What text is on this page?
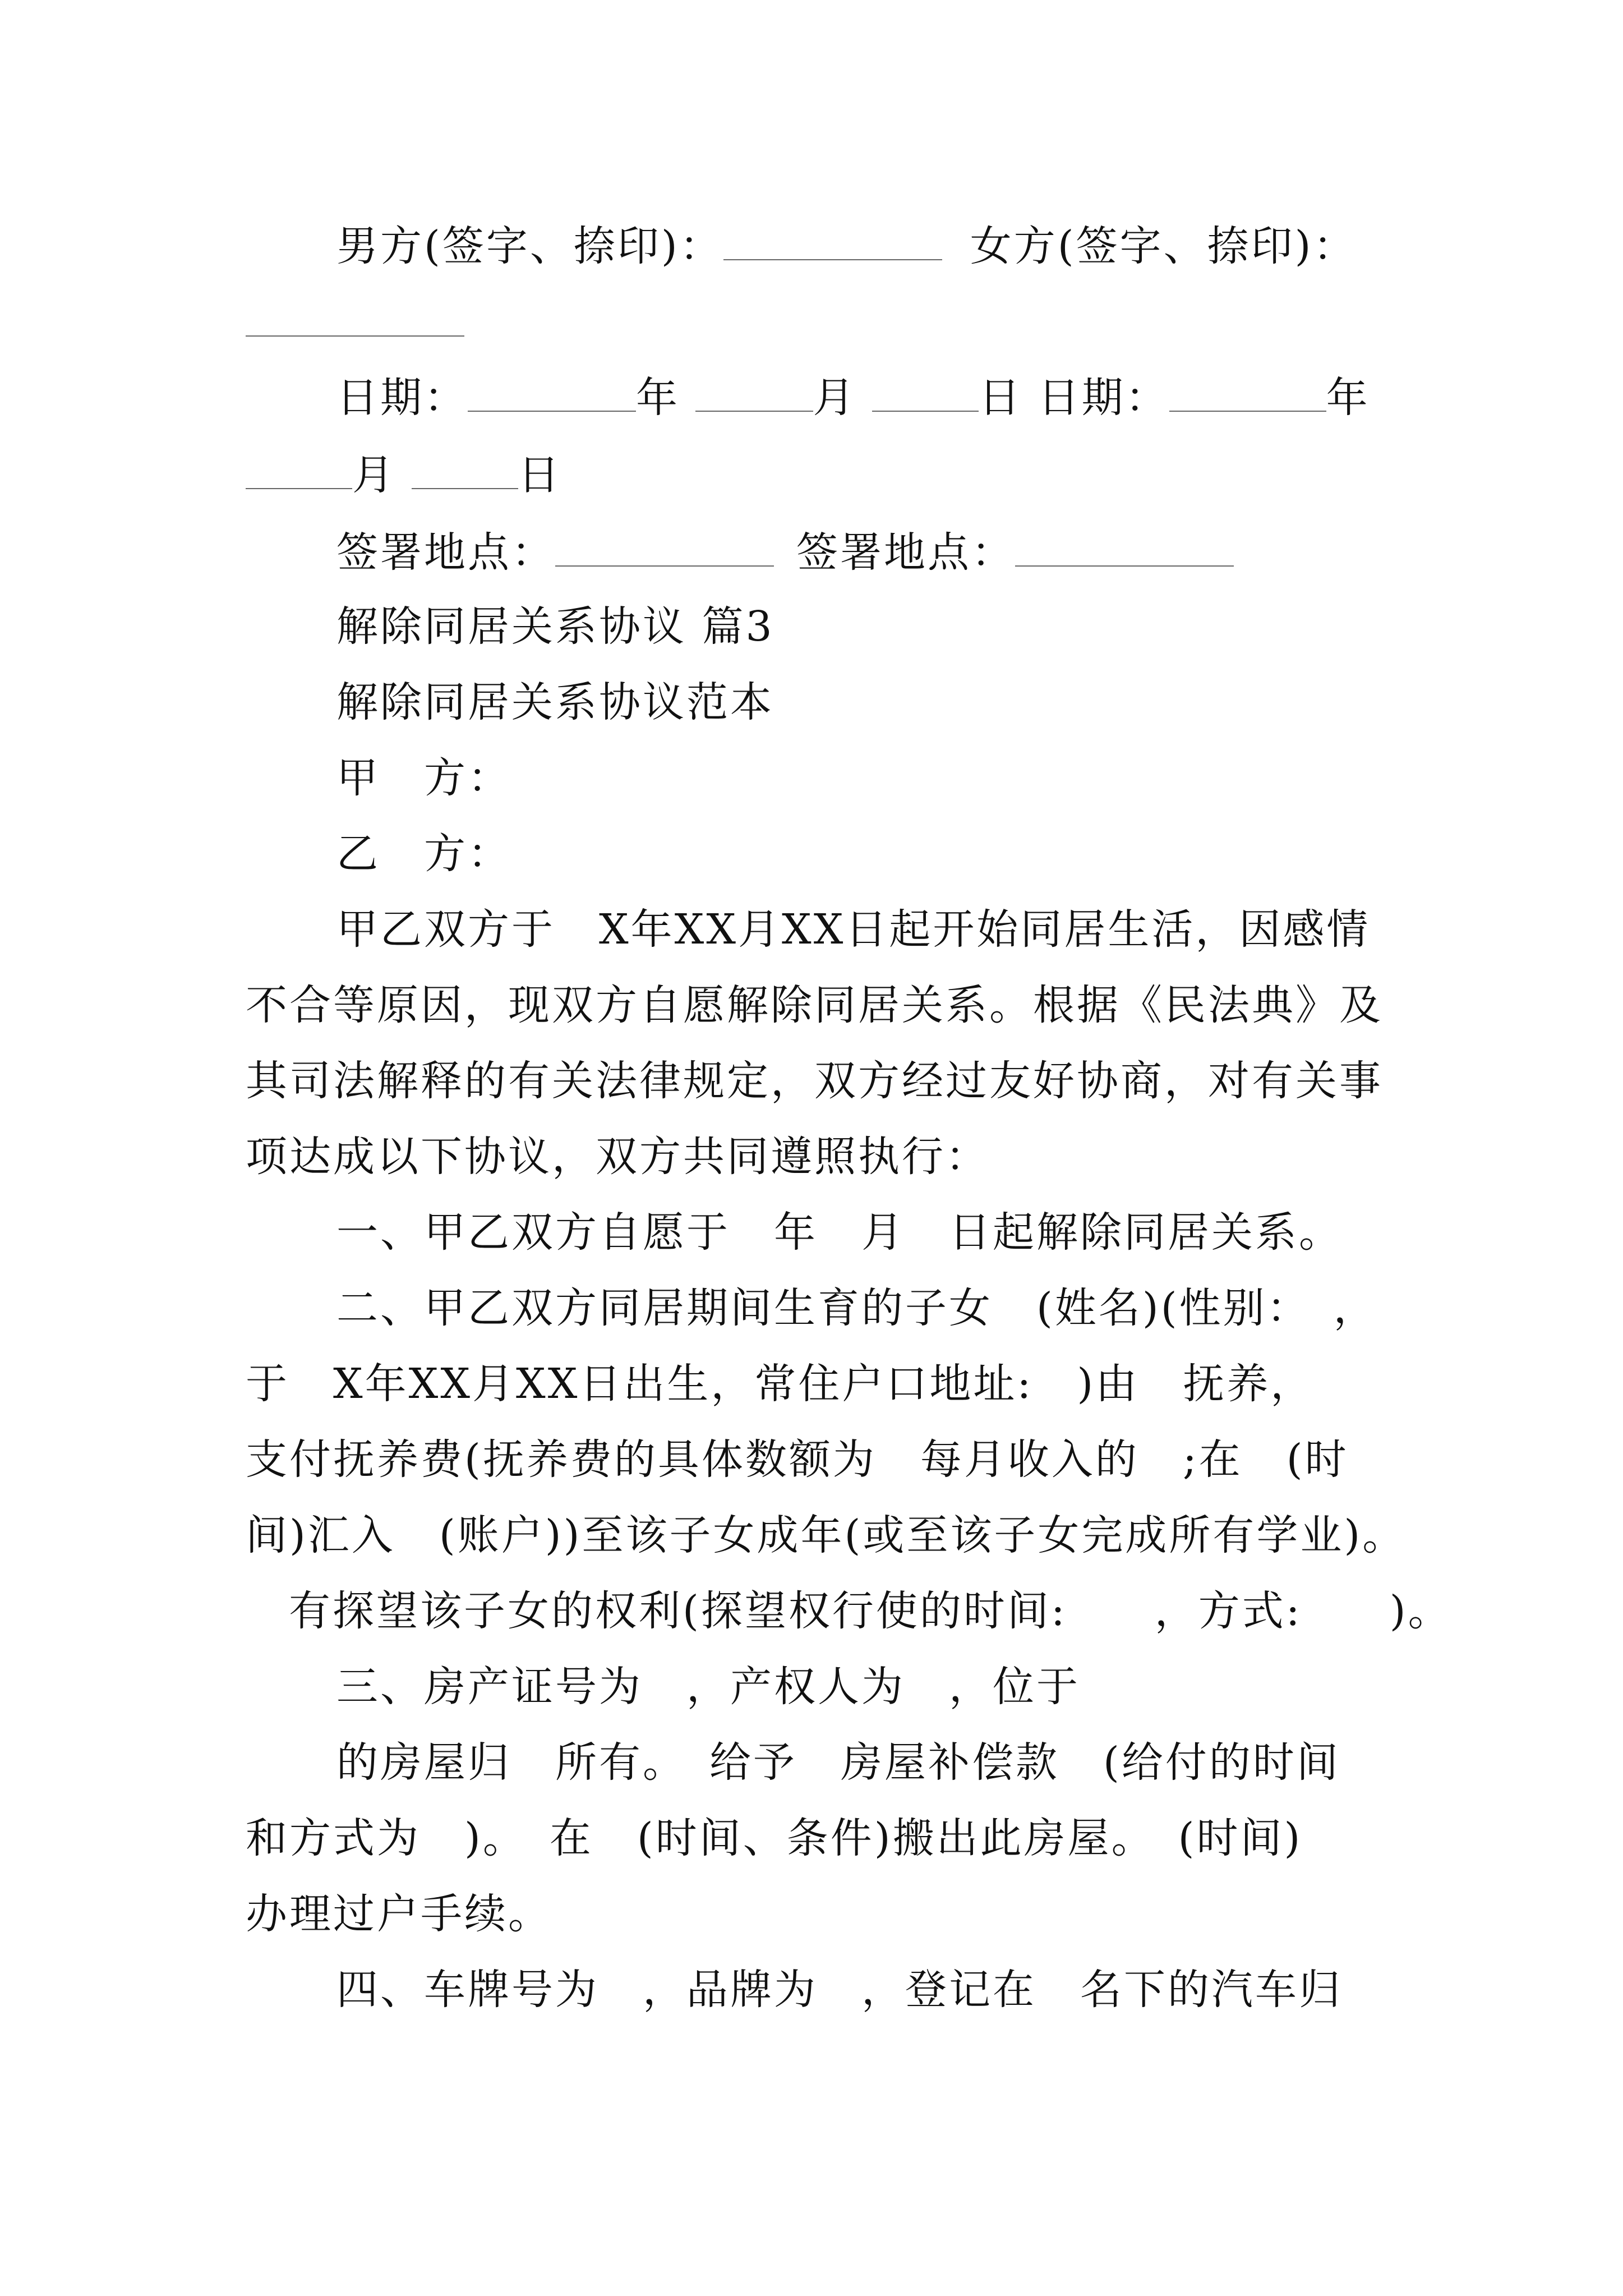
男方(签字、捺印)：	女方(签字、捺印)：
日期：	年	月	日 日期：	年
月	日
签署地点：	签署地点：
解除同居关系协议 篇3
解除同居关系协议范本
甲　方：
乙　方：
甲乙双方于　X年XX月XX日起开始同居生活，因感情
不合等原因，现双方自愿解除同居关系。根据《民法典》及
其司法解释的有关法律规定，双方经过友好协商，对有关事
项达成以下协议，双方共同遵照执行：
一、甲乙双方自愿于　年　月　日起解除同居关系。
二、甲乙双方同居期间生育的子女　(姓名)(性别：　，
于　X年XX月XX日出生，常住户口地址:　)由　抚养，
支付抚养费(抚养费的具体数额为　每月收入的　;在　(时
间)汇入　(账户))至该子女成年(或至该子女完成所有学业)。
有探望该子女的权利(探望权行使的时间:　　，方式:　　)。
三、房产证号为　，产权人为　，位于
的房屋归　所有。　给予　房屋补偿款　(给付的时间
和方式为　)。　在　(时间、条件)搬出此房屋。　(时间)
办理过户手续。
四、车牌号为　，品牌为　，登记在　名下的汽车归
